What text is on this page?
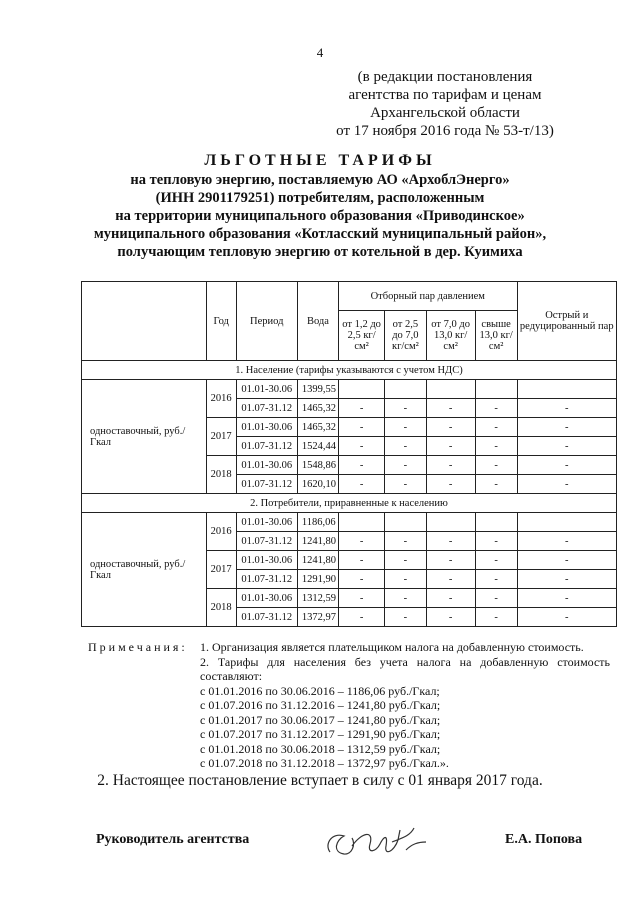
4
(в редакции постановления
агентства по тарифам и ценам
Архангельской области
от 17 ноября 2016 года № 53-т/13)
ЛЬГОТНЫЕ ТАРИФЫ
на тепловую энергию, поставляемую АО «АрхоблЭнерго»
(ИНН 2901179251) потребителям, расположенным
на территории муниципального образования «Приводинское»
муниципального образования «Котласский муниципальный район»,
получающим тепловую энергию от котельной в дер. Куимиха
	Год	Период	Вода	Отборный пар давлением				Острый и редуцированный пар
				от 1,2 до 2,5 кг/см²	от 2,5 до 7,0 кг/см²	от 7,0 до 13,0 кг/см²	свыше 13,0 кг/см²	
1. Население (тарифы указываются с учетом НДС)								
одноставочный, руб./Гкал	2016	01.01-30.06	1399,55					
		01.07-31.12	1465,32	-	-	-	-	-
	2017	01.01-30.06	1465,32	-	-	-	-	-
		01.07-31.12	1524,44	-	-	-	-	-
	2018	01.01-30.06	1548,86	-	-	-	-	-
		01.07-31.12	1620,10	-	-	-	-	-
2. Потребители, приравненные к населению								
одноставочный, руб./Гкал	2016	01.01-30.06	1186,06					
		01.07-31.12	1241,80	-	-	-	-	-
	2017	01.01-30.06	1241,80	-	-	-	-	-
		01.07-31.12	1291,90	-	-	-	-	-
	2018	01.01-30.06	1312,59	-	-	-	-	-
		01.07-31.12	1372,97	-	-	-	-	-
Примечания: 1. Организация является плательщиком налога на добавленную стоимость.
2. Тарифы для населения без учета налога на добавленную стоимость составляют:
с 01.01.2016 по 30.06.2016 – 1186,06 руб./Гкал;
с 01.07.2016 по 31.12.2016 – 1241,80 руб./Гкал;
с 01.01.2017 по 30.06.2017 – 1241,80 руб./Гкал;
с 01.07.2017 по 31.12.2017 – 1291,90 руб./Гкал;
с 01.01.2018 по 30.06.2018 – 1312,59 руб./Гкал;
с 01.07.2018 по 31.12.2018 – 1372,97 руб./Гкал.».
2. Настоящее постановление вступает в силу с 01 января 2017 года.
Руководитель агентства	Е.А. Попова
